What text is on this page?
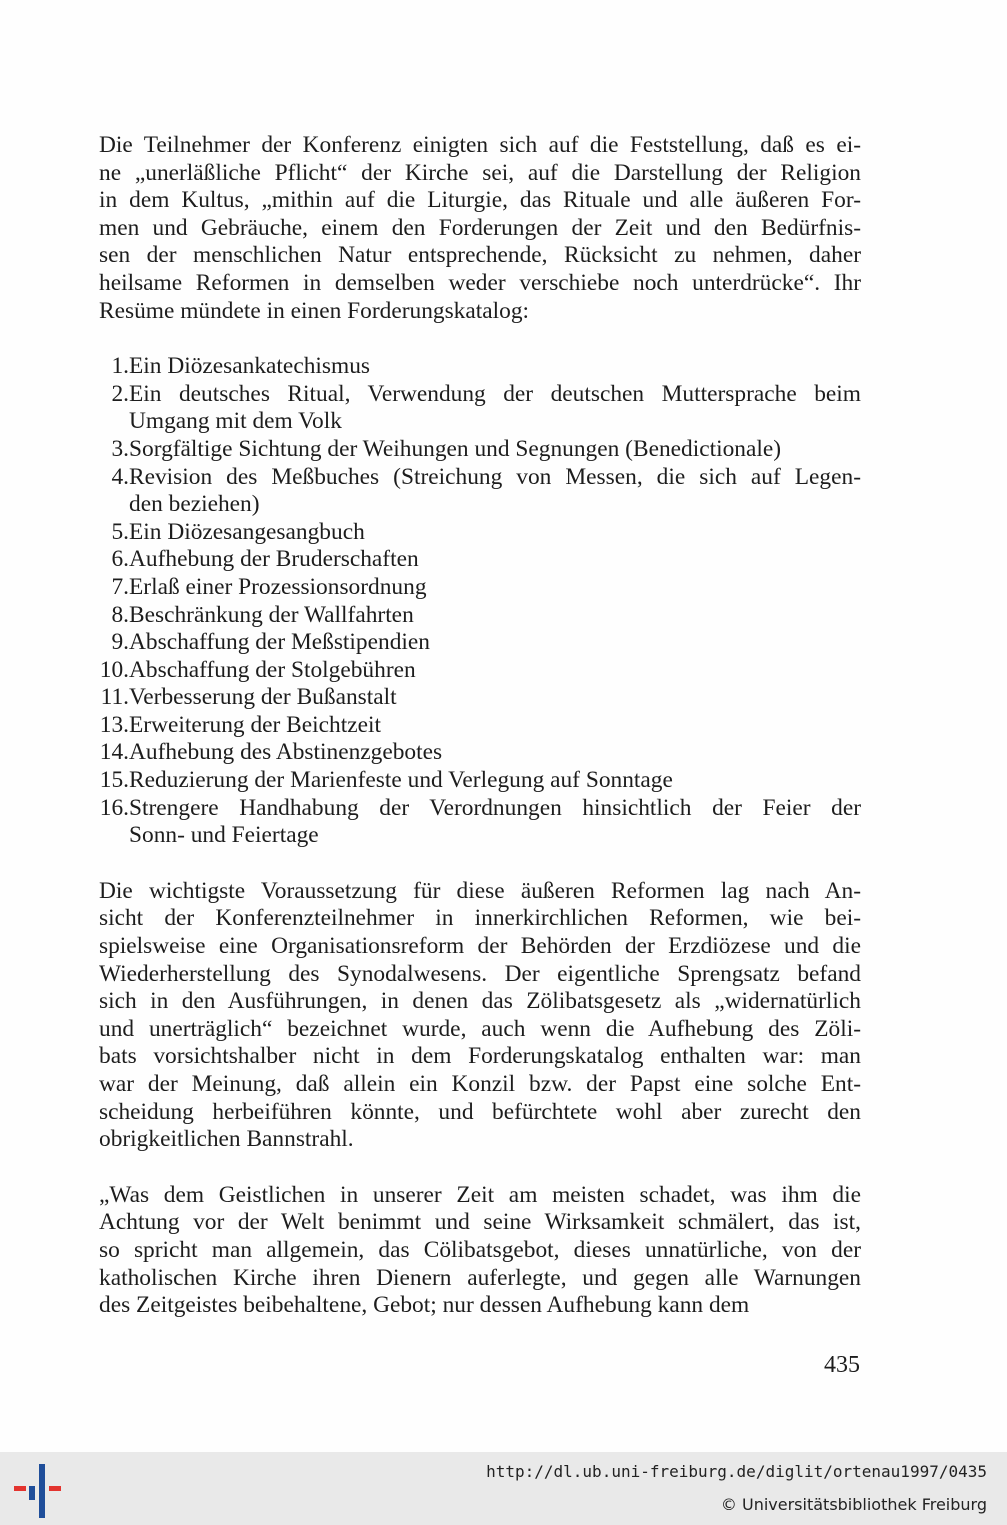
Die Teilnehmer der Konferenz einigten sich auf die Feststellung, daß es ei-
ne „unerläßliche Pflicht“ der Kirche sei, auf die Darstellung der Religion
in dem Kultus, „mithin auf die Liturgie, das Rituale und alle äußeren For-
men und Gebräuche, einem den Forderungen der Zeit und den Bedürfnis-
sen der menschlichen Natur entsprechende, Rücksicht zu nehmen, daher
heilsame Reformen in demselben weder verschiebe noch unterdrücke“. Ihr
Resüme mündete in einen Forderungskatalog:

1. Ein Diözesankatechismus
2. Ein deutsches Ritual, Verwendung der deutschen Muttersprache beim
Umgang mit dem Volk
3. Sorgfältige Sichtung der Weihungen und Segnungen (Benedictionale)
4. Revision des Meßbuches (Streichung von Messen, die sich auf Legen-
den beziehen)
5. Ein Diözesangesangbuch
6. Aufhebung der Bruderschaften
7. Erlaß einer Prozessionsordnung
8. Beschränkung der Wallfahrten
9. Abschaffung der Meßstipendien
10. Abschaffung der Stolgebühren
11. Verbesserung der Bußanstalt
13. Erweiterung der Beichtzeit
14. Aufhebung des Abstinenzgebotes
15. Reduzierung der Marienfeste und Verlegung auf Sonntage
16. Strengere Handhabung der Verordnungen hinsichtlich der Feier der
Sonn- und Feiertage

Die wichtigste Voraussetzung für diese äußeren Reformen lag nach An-
sicht der Konferenzteilnehmer in innerkirchlichen Reformen, wie bei-
spielsweise eine Organisationsreform der Behörden der Erzdiözese und die
Wiederherstellung des Synodalwesens. Der eigentliche Sprengsatz befand
sich in den Ausführungen, in denen das Zölibatsgesetz als „widernatürlich
und unerträglich“ bezeichnet wurde, auch wenn die Aufhebung des Zöli-
bats vorsichtshalber nicht in dem Forderungskatalog enthalten war: man
war der Meinung, daß allein ein Konzil bzw. der Papst eine solche Ent-
scheidung herbeiführen könnte, und befürchtete wohl aber zurecht den
obrigkeitlichen Bannstrahl.

„Was dem Geistlichen in unserer Zeit am meisten schadet, was ihm die
Achtung vor der Welt benimmt und seine Wirksamkeit schmälert, das ist,
so spricht man allgemein, das Cölibatsgebot, dieses unnatürliche, von der
katholischen Kirche ihren Dienern auferlegte, und gegen alle Warnungen
des Zeitgeistes beibehaltene, Gebot; nur dessen Aufhebung kann dem

435
http://dl.ub.uni-freiburg.de/diglit/ortenau1997/0435
© Universitätsbibliothek Freiburg
